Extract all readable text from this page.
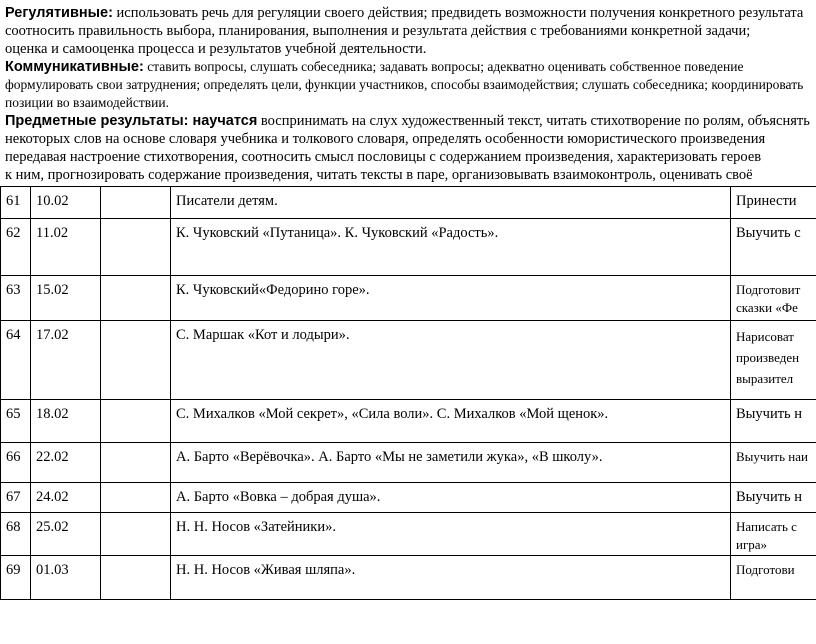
Регулятивные: использовать речь для регуляции своего действия; предвидеть возможности получения конкретного результата

соотносить правильность выбора, планирования, выполнения и результата действия с требованиями конкретной задачи;

оценка и самооценка процесса и результатов учебной деятельности.

Коммуникативные: ставить вопросы, слушать собеседника; задавать вопросы; адекватно оценивать собственное поведение

формулировать свои затруднения; определять цели, функции участников, способы взаимодействия; слушать собеседника; координировать

позиции во взаимодействии.

Предметные результаты: научатся воспринимать на слух художественный текст, читать стихотворение по ролям, объяснять

некоторых слов на основе словаря учебника и толкового словаря, определять особенности юмористического произведения

передавая настроение стихотворения, соотносить смысл пословицы с содержанием произведения, характеризовать героев

к ним, прогнозировать содержание произведения, читать тексты в паре, организовывать взаимоконтроль, оценивать своё

61	10.02		Писатели детям.	Принести

62	11.02		К. Чуковский «Путаница». К. Чуковский «Радость».	Выучить с

63	15.02		К. Чуковский«Федорино горе».	Подготовит
сказки «Фе

64	17.02		С. Маршак «Кот и лодыри».	Нарисоват
произведен
выразител

65	18.02		С. Михалков «Мой секрет», «Сила воли». С. Михалков «Мой щенок».	Выучить н

66	22.02		А. Барто «Верёвочка». А. Барто «Мы не заметили жука», «В школу».	Выучить наи

67	24.02		А. Барто «Вовка – добрая душа».	Выучить н

68	25.02		Н. Н. Носов «Затейники».	Написать с
игра»

69	01.03		Н. Н. Носов «Живая шляпа».	Подготови
